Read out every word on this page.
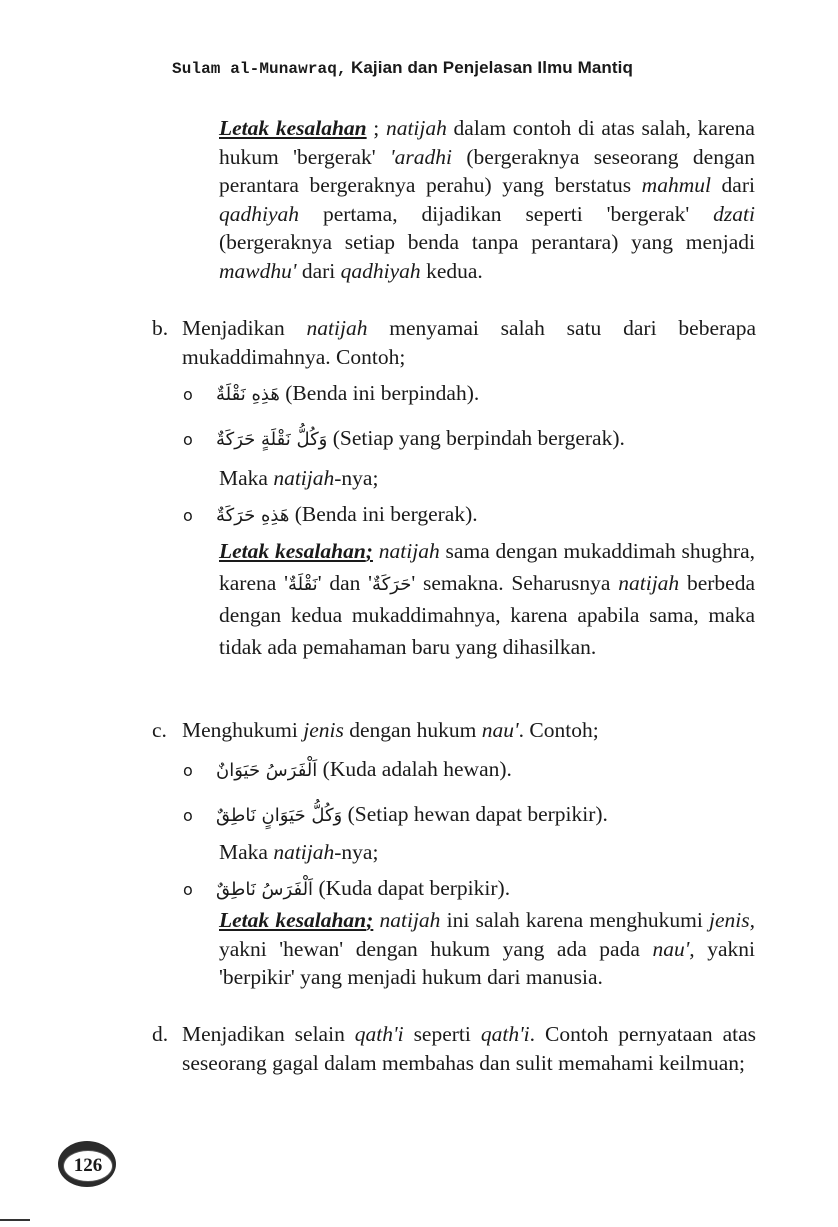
Sulam al-Munawraq, Kajian dan Penjelasan Ilmu Mantiq

Letak kesalahan ; natijah dalam contoh di atas salah, karena hukum 'bergerak' 'aradhi (bergeraknya seseorang dengan perantara bergeraknya perahu) yang berstatus mahmul dari qadhiyah pertama, dijadikan seperti 'bergerak' dzati (bergeraknya setiap benda tanpa perantara) yang menjadi mawdhu' dari qadhiyah kedua.

b. Menjadikan natijah menyamai salah satu dari beberapa mukaddimahnya. Contoh;

o هَذِهِ نَقْلَةٌ (Benda ini berpindah).
o وَكُلُّ نَقْلَةٍ حَرَكَةٌ (Setiap yang berpindah bergerak).
Maka natijah-nya;
o هَذِهِ حَرَكَةٌ (Benda ini bergerak).

Letak kesalahan; natijah sama dengan mukaddimah shughra, karena 'نَقْلَةٌ' dan 'حَرَكَةٌ' semakna. Seharusnya natijah berbeda dengan kedua mukaddimahnya, karena apabila sama, maka tidak ada pemahaman baru yang dihasilkan.

c. Menghukumi jenis dengan hukum nau'. Contoh;

o اَلْفَرَسُ حَيَوَانٌ (Kuda adalah hewan).
o وَكُلُّ حَيَوَانٍ نَاطِقٌ (Setiap hewan dapat berpikir).
Maka natijah-nya;
o اَلْفَرَسُ نَاطِقٌ (Kuda dapat berpikir).

Letak kesalahan; natijah ini salah karena menghukumi jenis, yakni 'hewan' dengan hukum yang ada pada nau', yakni 'berpikir' yang menjadi hukum dari manusia.

d. Menjadikan selain qath'i seperti qath'i. Contoh pernyataan atas seseorang gagal dalam membahas dan sulit memahami keilmuan;

126
